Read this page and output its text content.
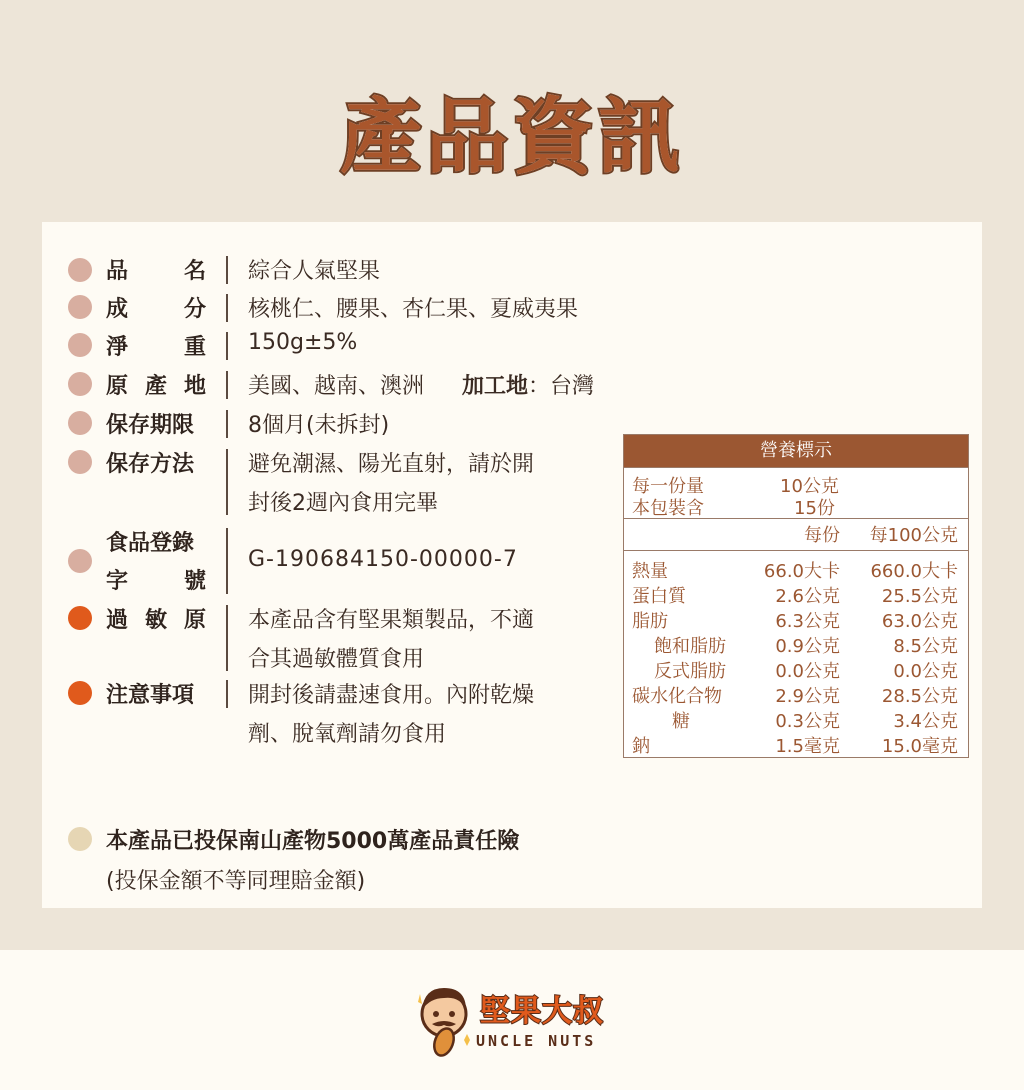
產品資訊
品	名 綜合人氣堅果
成	分 核桃仁、腰果、杏仁果、夏威夷果
淨	重 150g±5%
原 產 地 美國、越南、澳洲 加工地：台灣
保存期限	8個月(未拆封)
保存方法	避免潮濕、陽光直射，請於開
封後2週內食用完畢
食品登錄
字	號
G-190684150-00000-7
過 敏 原 本產品含有堅果類製品，不適
合其過敏體質食用
注意事項	開封後請盡速食用。內附乾燥
劑、脫氧劑請勿食用
本產品已投保南山產物5000萬產品責任險
(投保金額不等同理賠金額)
營養標示
每一份量	10公克
本包裝含	15份
每份 每100公克
熱量	66.0大卡 660.0大卡
蛋白質	2.6公克 25.5公克
脂肪	6.3公克 63.0公克
飽和脂肪	0.9公克	8.5公克
反式脂肪	0.0公克	0.0公克
碳水化合物	2.9公克 28.5公克
　糖	0.3公克	3.4公克
鈉	1.5毫克 15.0毫克
堅果大叔
UNCLE NUTS
